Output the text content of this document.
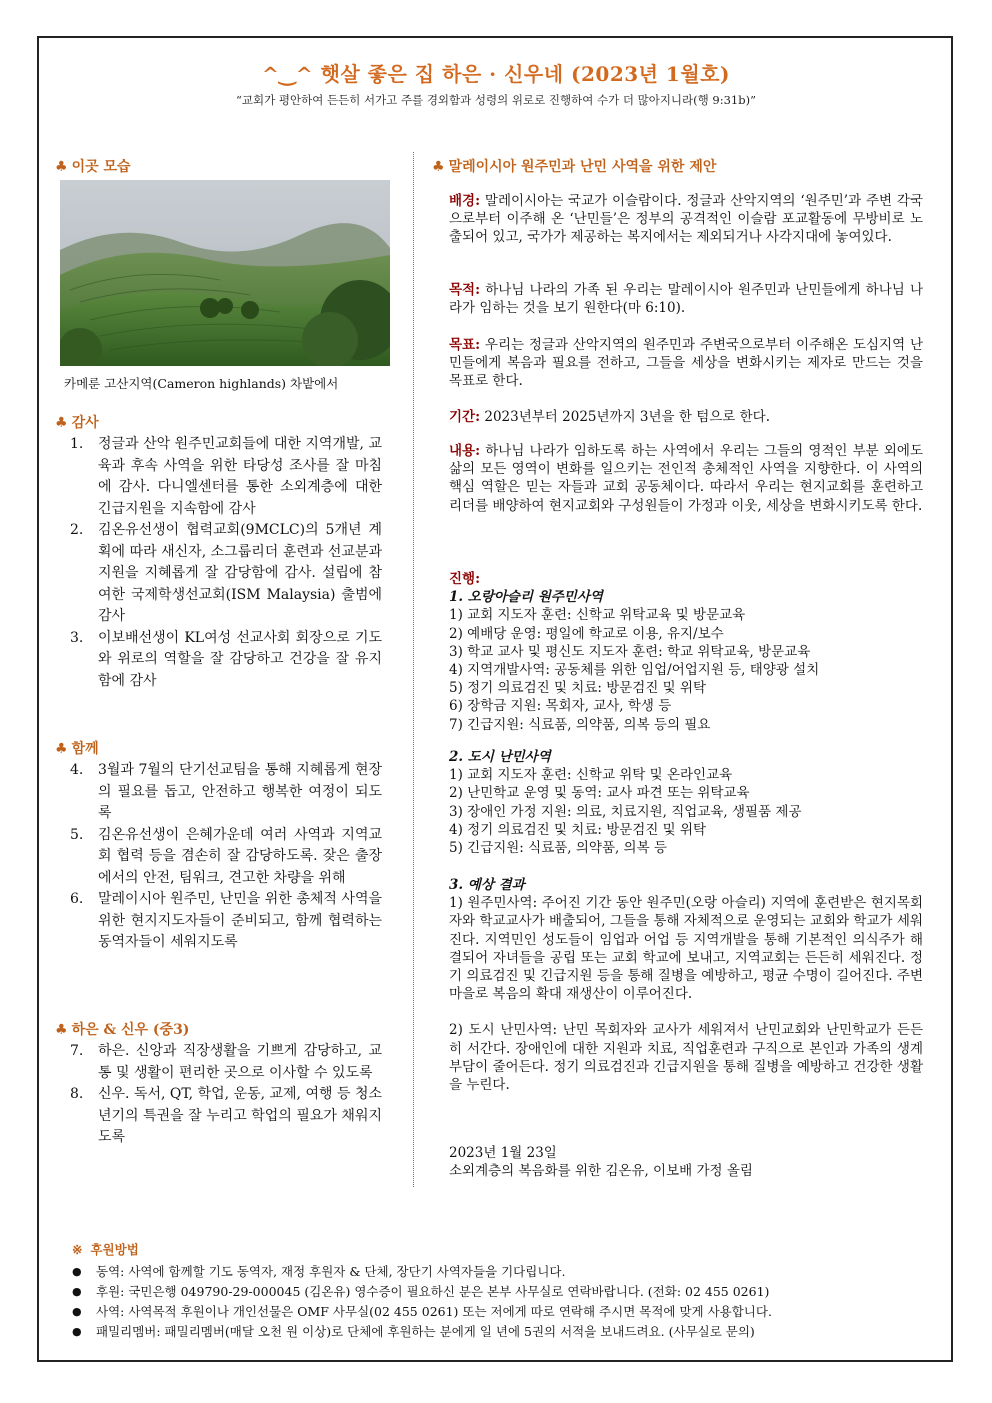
^‿^ 햇살 좋은 집 하은 · 신우네 (2023년 1월호)
“교회가 평안하여 든든히 서가고 주를 경외함과 성령의 위로로 진행하여 수가 더 많아지니라(행 9:31b)”
♣ 이곳 모습
카메룬 고산지역(Cameron highlands) 차밭에서
♣ 감사
1. 정글과 산악 원주민교회들에 대한 지역개발, 교육과 후속 사역을 위한 타당성 조사를 잘 마침에 감사. 다니엘센터를 통한 소외계층에 대한 긴급지원을 지속함에 감사
2. 김온유선생이 협력교회(9MCLC)의 5개년 계획에 따라 새신자, 소그룹리더 훈련과 선교분과 지원을 지혜롭게 잘 감당함에 감사. 설립에 참여한 국제학생선교회(ISM Malaysia) 출범에 감사
3. 이보배선생이 KL여성 선교사회 회장으로 기도와 위로의 역할을 잘 감당하고 건강을 잘 유지함에 감사
♣ 함께
4. 3월과 7월의 단기선교팀을 통해 지혜롭게 현장의 필요를 돕고, 안전하고 행복한 여정이 되도록
5. 김온유선생이 은혜가운데 여러 사역과 지역교회 협력 등을 겸손히 잘 감당하도록. 잦은 출장에서의 안전, 팀워크, 견고한 차량을 위해
6. 말레이시아 원주민, 난민을 위한 총체적 사역을 위한 현지지도자들이 준비되고, 함께 협력하는 동역자들이 세워지도록
♣ 하은 & 신우 (중3)
7. 하은. 신앙과 직장생활을 기쁘게 감당하고, 교통 및 생활이 편리한 곳으로 이사할 수 있도록
8. 신우. 독서, QT, 학업, 운동, 교제, 여행 등 청소년기의 특권을 잘 누리고 학업의 필요가 채워지도록
♣ 말레이시아 원주민과 난민 사역을 위한 제안

배경: 말레이시아는 국교가 이슬람이다. 정글과 산악지역의 ‘원주민’과 주변 각국으로부터 이주해 온 ‘난민들’은 정부의 공격적인 이슬람 포교활동에 무방비로 노출되어 있고, 국가가 제공하는 복지에서는 제외되거나 사각지대에 놓여있다.

목적: 하나님 나라의 가족 된 우리는 말레이시아 원주민과 난민들에게 하나님 나라가 임하는 것을 보기 원한다(마 6:10).

목표: 우리는 정글과 산악지역의 원주민과 주변국으로부터 이주해온 도심지역 난민들에게 복음과 필요를 전하고, 그들을 세상을 변화시키는 제자로 만드는 것을 목표로 한다.

기간: 2023년부터 2025년까지 3년을 한 텀으로 한다.

내용: 하나님 나라가 임하도록 하는 사역에서 우리는 그들의 영적인 부분 외에도 삶의 모든 영역이 변화를 일으키는 전인적 총체적인 사역을 지향한다. 이 사역의 핵심 역할은 믿는 자들과 교회 공동체이다. 따라서 우리는 현지교회를 훈련하고 리더를 배양하여 현지교회와 구성원들이 가정과 이웃, 세상을 변화시키도록 한다.

진행:
1. 오랑아슬리 원주민사역
1) 교회 지도자 훈련: 신학교 위탁교육 및 방문교육
2) 예배당 운영: 평일에 학교로 이용, 유지/보수
3) 학교 교사 및 평신도 지도자 훈련: 학교 위탁교육, 방문교육
4) 지역개발사역: 공동체를 위한 임업/어업지원 등, 태양광 설치
5) 정기 의료검진 및 치료: 방문검진 및 위탁
6) 장학금 지원: 목회자, 교사, 학생 등
7) 긴급지원: 식료품, 의약품, 의복 등의 필요
2. 도시 난민사역
1) 교회 지도자 훈련: 신학교 위탁 및 온라인교육
2) 난민학교 운영 및 동역: 교사 파견 또는 위탁교육
3) 장애인 가정 지원: 의료, 치료지원, 직업교육, 생필품 제공
4) 정기 의료검진 및 치료: 방문검진 및 위탁
5) 긴급지원: 식료품, 의약품, 의복 등
3. 예상 결과

1) 원주민사역: 주어진 기간 동안 원주민(오랑 아슬리) 지역에 훈련받은 현지목회자와 학교교사가 배출되어, 그들을 통해 자체적으로 운영되는 교회와 학교가 세워진다. 지역민인 성도들이 임업과 어업 등 지역개발을 통해 기본적인 의식주가 해결되어 자녀들을 공립 또는 교회 학교에 보내고, 지역교회는 든든히 세워진다. 정기 의료검진 및 긴급지원 등을 통해 질병을 예방하고, 평균 수명이 길어진다. 주변 마을로 복음의 확대 재생산이 이루어진다.

2) 도시 난민사역: 난민 목회자와 교사가 세워져서 난민교회와 난민학교가 든든히 서간다. 장애인에 대한 지원과 치료, 직업훈련과 구직으로 본인과 가족의 생계부담이 줄어든다. 정기 의료검진과 긴급지원을 통해 질병을 예방하고 건강한 생활을 누린다.

2023년 1월 23일
소외계층의 복음화를 위한 김온유, 이보배 가정 올림
※ 후원방법
● 동역: 사역에 함께할 기도 동역자, 재정 후원자 & 단체, 장단기 사역자들을 기다립니다.
● 후원: 국민은행 049790-29-000045 (김온유) 영수증이 필요하신 분은 본부 사무실로 연락바랍니다. (전화: 02 455 0261)
● 사역: 사역목적 후원이나 개인선물은 OMF 사무실(02 455 0261) 또는 저에게 따로 연락해 주시면 목적에 맞게 사용합니다.
● 패밀리멤버: 패밀리멤버(매달 오천 원 이상)로 단체에 후원하는 분에게 일 년에 5권의 서적을 보내드려요. (사무실로 문의)
